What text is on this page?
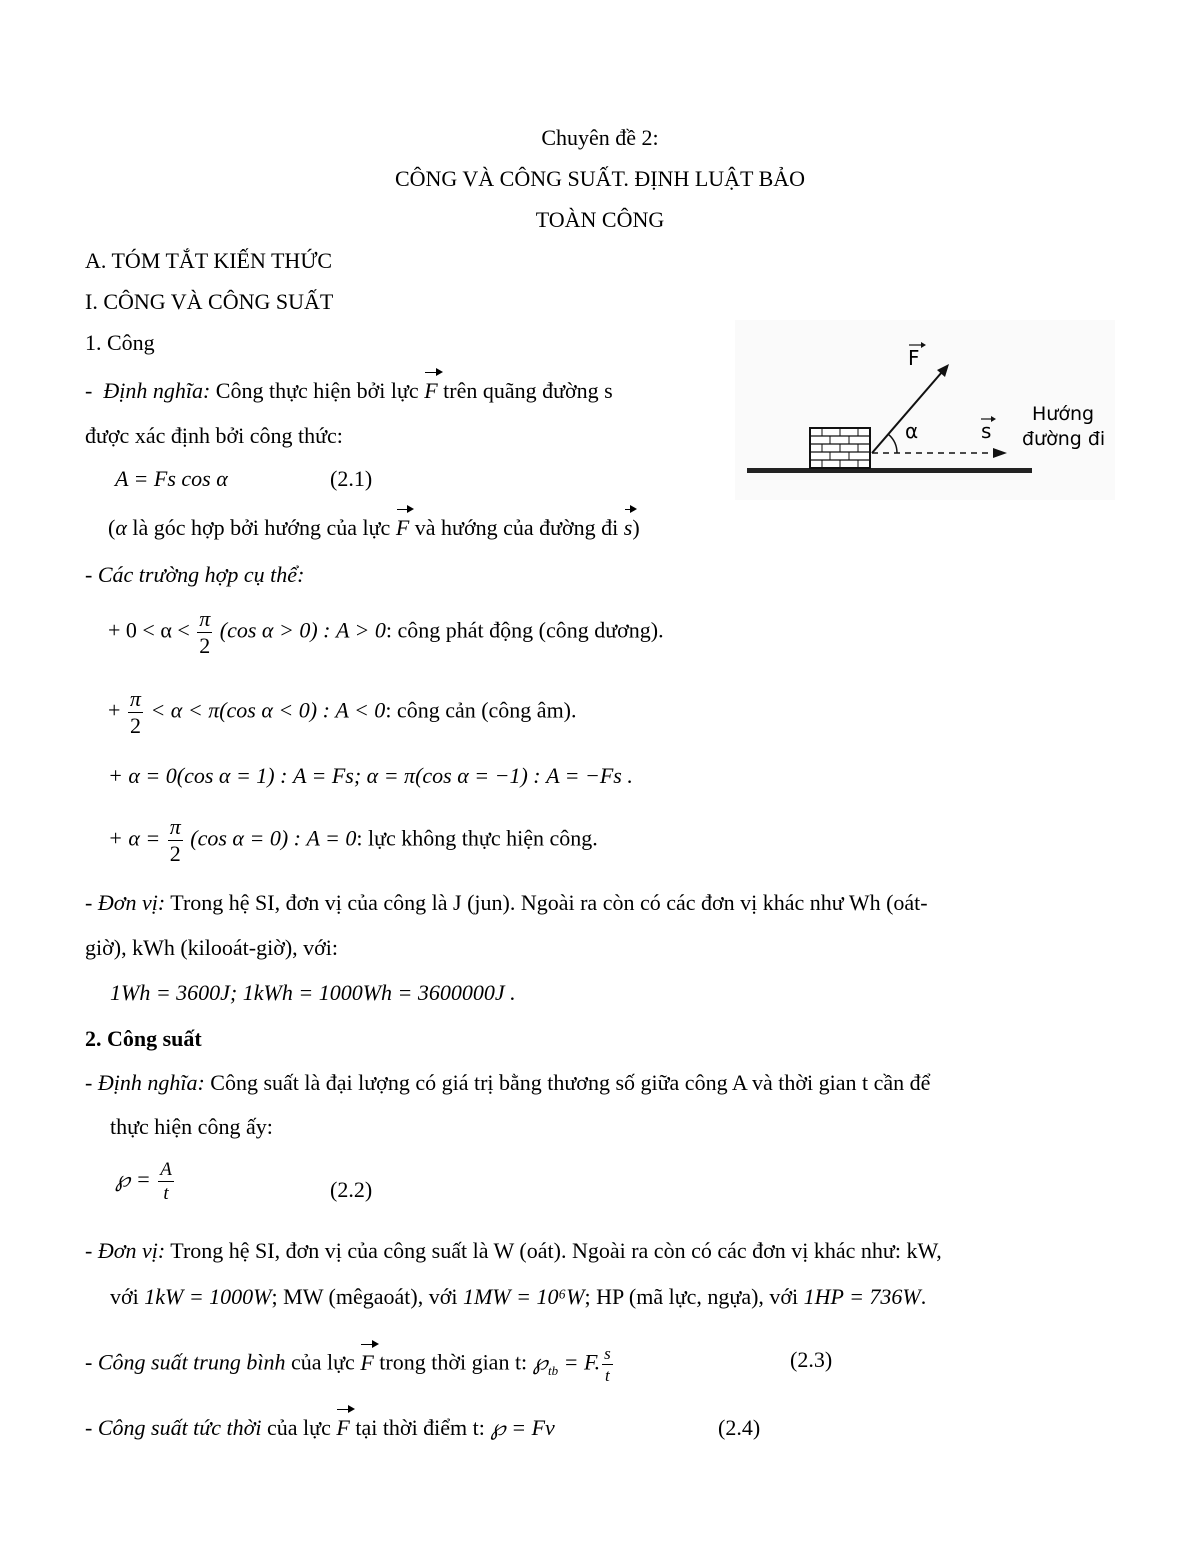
Chuyên đề 2:
CÔNG VÀ CÔNG SUẤT. ĐỊNH LUẬT BẢO
TOÀN CÔNG
A. TÓM TẮT KIẾN THỨC
I. CÔNG VÀ CÔNG SUẤT
1. Công
-  Định nghĩa: Công thực hiện bởi lực F trên quãng đường s
được xác định bởi công thức:
A = Fs cos α	(2.1)
(α là góc hợp bởi hướng của lực F và hướng của đường đi s)
- Các trường hợp cụ thể:
+ $0 < \alpha < \frac{\pi}{2} (\cos$ α > 0) : A > 0: công phát động (công dương).
+ $\frac{\pi}{2} < \alpha < \pi(\cos$ α < 0) : A < 0: công cản (công âm).
+ α = 0(cos α = 1) : A = Fs; α = π(cos α = −1) : A = −Fs .
+ $\alpha = \frac{\pi}{2} (\cos$ α = 0) : A = 0: lực không thực hiện công.
- Đơn vị: Trong hệ SI, đơn vị của công là J (jun). Ngoài ra còn có các đơn vị khác như Wh (oát-
giờ), kWh (kilooát-giờ), với:
1Wh = 3600J; 1kWh = 1000Wh = 3600000J .
F
α	s
Hướng
đường đi
2. Công suất
- Định nghĩa: Công suất là đại lượng có giá trị bằng thương số giữa công A và thời gian t cần để
thực hiện công ấy:
℘ = $\frac{A}{t}$	(2.2)
- Đơn vị: Trong hệ SI, đơn vị của công suất là W (oát). Ngoài ra còn có các đơn vị khác như: kW,
với 1kW = 1000W; MW (mêgaoát), với 1MW = 10⁶W; HP (mã lực, ngựa), với 1HP = 736W.
- Công suất trung bình của lực F trong thời gian t: $℘_{tb} = F$. $\frac{s}{t}$	(2.3)
- Công suất tức thời của lực F tại thời điểm t: ℘ = Fv	(2.4)
